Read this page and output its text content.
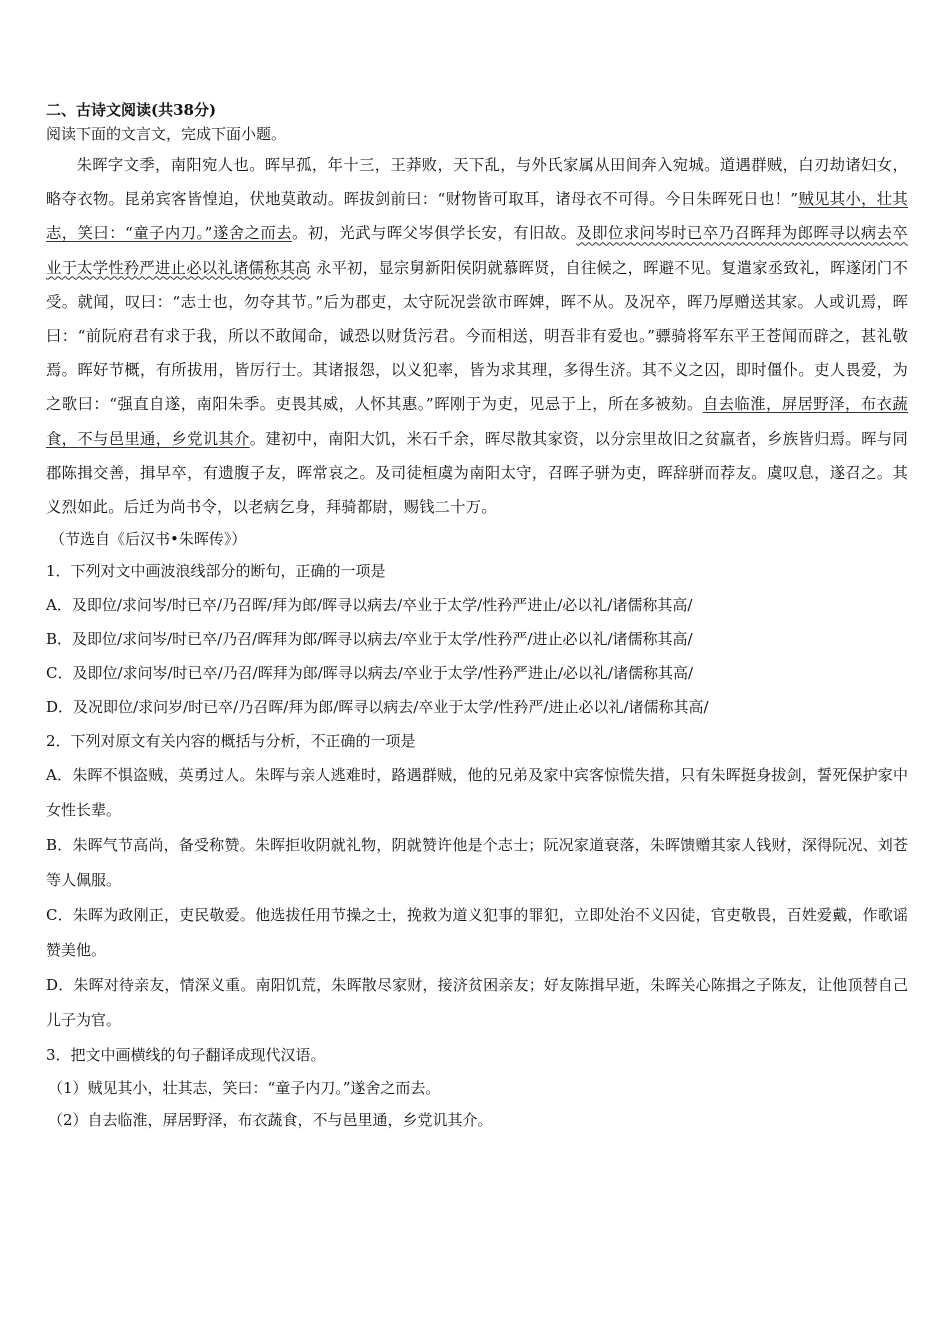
二、古诗文阅读(共38分)

阅读下面的文言文，完成下面小题。

朱晖字文季，南阳宛人也。晖早孤，年十三，王莽败，天下乱，与外氏家属从田间奔入宛城。道遇群贼，白刃劫诸妇女，略夺衣物。昆弟宾客皆惶迫，伏地莫敢动。晖拔剑前曰：“财物皆可取耳，诸母衣不可得。今日朱晖死日也！”贼见其小，壮其志，笑曰：“童子内刀。”遂舍之而去。初，光武与晖父岑俱学长安，有旧故。及即位求问岑时已卒乃召晖拜为郎晖寻以病去卒业于太学性矜严进止必以礼诸儒称其高 永平初，显宗舅新阳侯阴就慕晖贤，自往候之，晖避不见。复遣家丞致礼，晖遂闭门不受。就闻，叹曰：“志士也，勿夺其节。”后为郡吏，太守阮况尝欲市晖婢，晖不从。及况卒，晖乃厚赠送其家。人或讥焉，晖曰：“前阮府君有求于我，所以不敢闻命，诚恐以财货污君。今而相送，明吾非有爱也。”骠骑将军东平王苍闻而辟之，甚礼敬焉。晖好节概，有所拔用，皆厉行士。其诸报怨，以义犯率，皆为求其理，多得生济。其不义之囚，即时僵仆。吏人畏爱，为之歌曰：“强直自遂，南阳朱季。吏畏其威，人怀其惠。”晖刚于为吏，见忌于上，所在多被劾。自去临淮，屏居野泽，布衣蔬食，不与邑里通，乡党讥其介。建初中，南阳大饥，米石千余，晖尽散其家资，以分宗里故旧之贫羸者，乡族皆归焉。晖与同郡陈揖交善，揖早卒，有遗腹子友，晖常哀之。及司徒桓虞为南阳太守，召晖子骈为吏，晖辞骈而荐友。虞叹息，遂召之。其义烈如此。后迁为尚书令，以老病乞身，拜骑都尉，赐钱二十万。

（节选自《后汉书•朱晖传》）

1．下列对文中画波浪线部分的断句，正确的一项是

A．及即位/求问岑/时已卒/乃召晖/拜为郎/晖寻以病去/卒业于太学/性矜严进止/必以礼/诸儒称其高/

B．及即位/求问岑/时已卒/乃召/晖拜为郎/晖寻以病去/卒业于太学/性矜严/进止必以礼/诸儒称其高/

C．及即位/求问岑/时已卒/乃召/晖拜为郎/晖寻以病去/卒业于太学/性矜严进止/必以礼/诸儒称其高/

D．及况即位/求问岁/时已卒/乃召晖/拜为郎/晖寻以病去/卒业于太学/性矜严/进止必以礼/诸儒称其高/

2．下列对原文有关内容的概括与分析，不正确的一项是

A．朱晖不惧盗贼，英勇过人。朱晖与亲人逃难时，路遇群贼，他的兄弟及家中宾客惊慌失措，只有朱晖挺身拔剑，誓死保护家中女性长辈。

B．朱晖气节高尚，备受称赞。朱晖拒收阴就礼物，阴就赞许他是个志士；阮况家道衰落，朱晖馈赠其家人钱财，深得阮况、刘苍等人佩服。

C．朱晖为政刚正，吏民敬爱。他选拔任用节操之士，挽救为道义犯事的罪犯，立即处治不义囚徒，官吏敬畏，百姓爱戴，作歌谣赞美他。

D．朱晖对待亲友，情深义重。南阳饥荒，朱晖散尽家财，接济贫困亲友；好友陈揖早逝，朱晖关心陈揖之子陈友，让他顶替自己儿子为官。

3．把文中画横线的句子翻译成现代汉语。

（1）贼见其小，壮其志，笑曰：“童子内刀。”遂舍之而去。

（2）自去临淮，屏居野泽，布衣蔬食，不与邑里通，乡党讥其介。
